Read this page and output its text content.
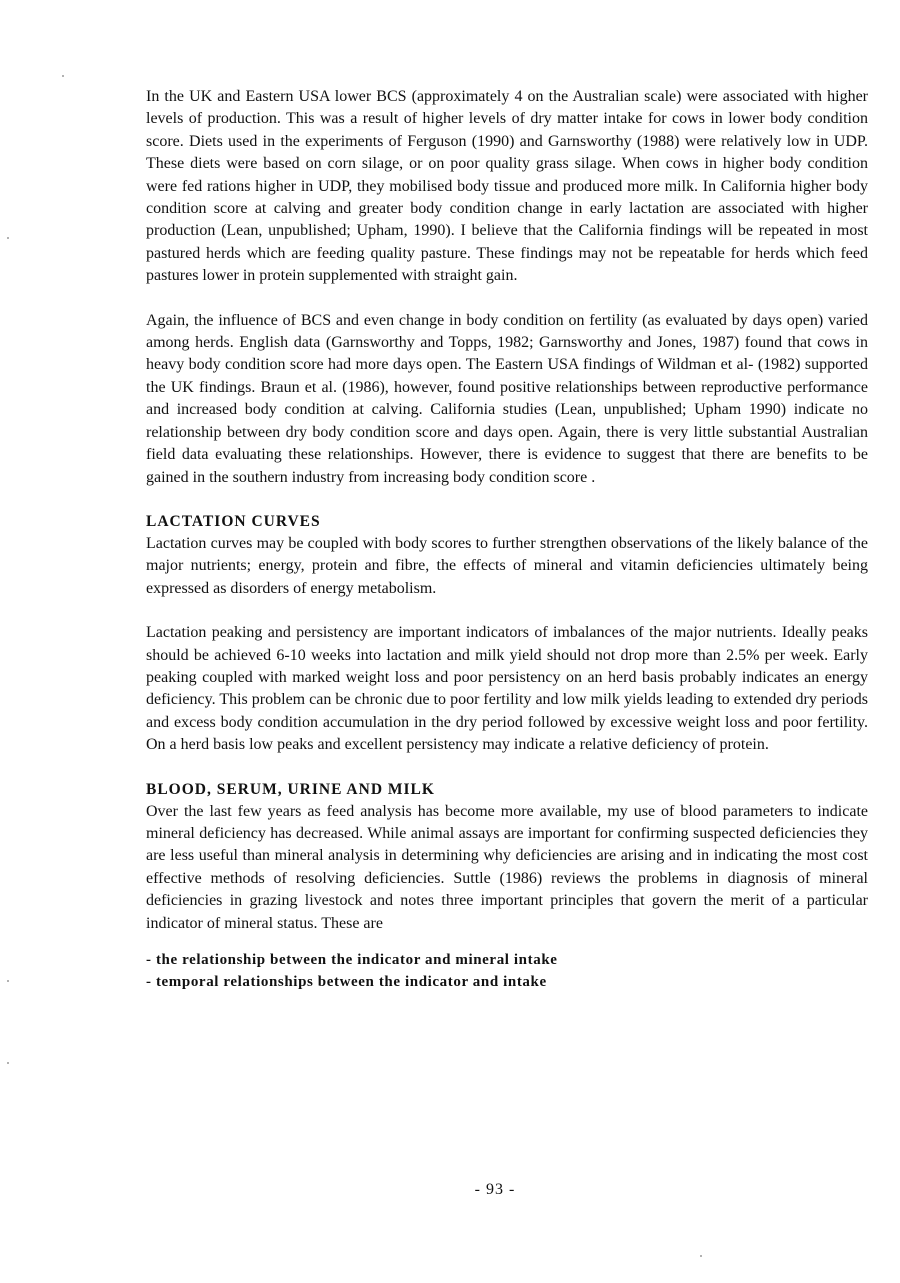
In the UK and Eastern USA lower BCS (approximately 4 on the Australian scale) were associated with higher levels of production. This was a result of higher levels of dry matter intake for cows in lower body condition score. Diets used in the experiments of Ferguson (1990) and Garnsworthy (1988) were relatively low in UDP. These diets were based on corn silage, or on poor quality grass silage. When cows in higher body condition were fed rations higher in UDP, they mobilised body tissue and produced more milk. In California higher body condition score at calving and greater body condition change in early lactation are associated with higher production (Lean, unpublished; Upham, 1990). I believe that the California findings will be repeated in most pastured herds which are feeding quality pasture. These findings may not be repeatable for herds which feed pastures lower in protein supplemented with straight gain.

Again, the influence of BCS and even change in body condition on fertility (as evaluated by days open) varied among herds. English data (Garnsworthy and Topps, 1982; Garnsworthy and Jones, 1987) found that cows in heavy body condition score had more days open. The Eastern USA findings of Wildman et al- (1982) supported the UK findings. Braun et al. (1986), however, found positive relationships between reproductive performance and increased body condition at calving. California studies (Lean, unpublished; Upham 1990) indicate no relationship between dry body condition score and days open. Again, there is very little substantial Australian field data evaluating these relationships. However, there is evidence to suggest that there are benefits to be gained in the southern industry from increasing body condition score .

LACTATION CURVES

Lactation curves may be coupled with body scores to further strengthen observations of the likely balance of the major nutrients; energy, protein and fibre, the effects of mineral and vitamin deficiencies ultimately being expressed as disorders of energy metabolism.

Lactation peaking and persistency are important indicators of imbalances of the major nutrients. Ideally peaks should be achieved 6-10 weeks into lactation and milk yield should not drop more than 2.5% per week. Early peaking coupled with marked weight loss and poor persistency on an herd basis probably indicates an energy deficiency. This problem can be chronic due to poor fertility and low milk yields leading to extended dry periods and excess body condition accumulation in the dry period followed by excessive weight loss and poor fertility. On a herd basis low peaks and excellent persistency may indicate a relative deficiency of protein.

BLOOD, SERUM, URINE AND MILK

Over the last few years as feed analysis has become more available, my use of blood parameters to indicate mineral deficiency has decreased. While animal assays are important for confirming suspected deficiencies they are less useful than mineral analysis in determining why deficiencies are arising and in indicating the most cost effective methods of resolving deficiencies. Suttle (1986) reviews the problems in diagnosis of mineral deficiencies in grazing livestock and notes three important principles that govern the merit of a particular indicator of mineral status. These are

- the relationship between the indicator and mineral intake
- temporal relationships between the indicator and intake
- 93 -
